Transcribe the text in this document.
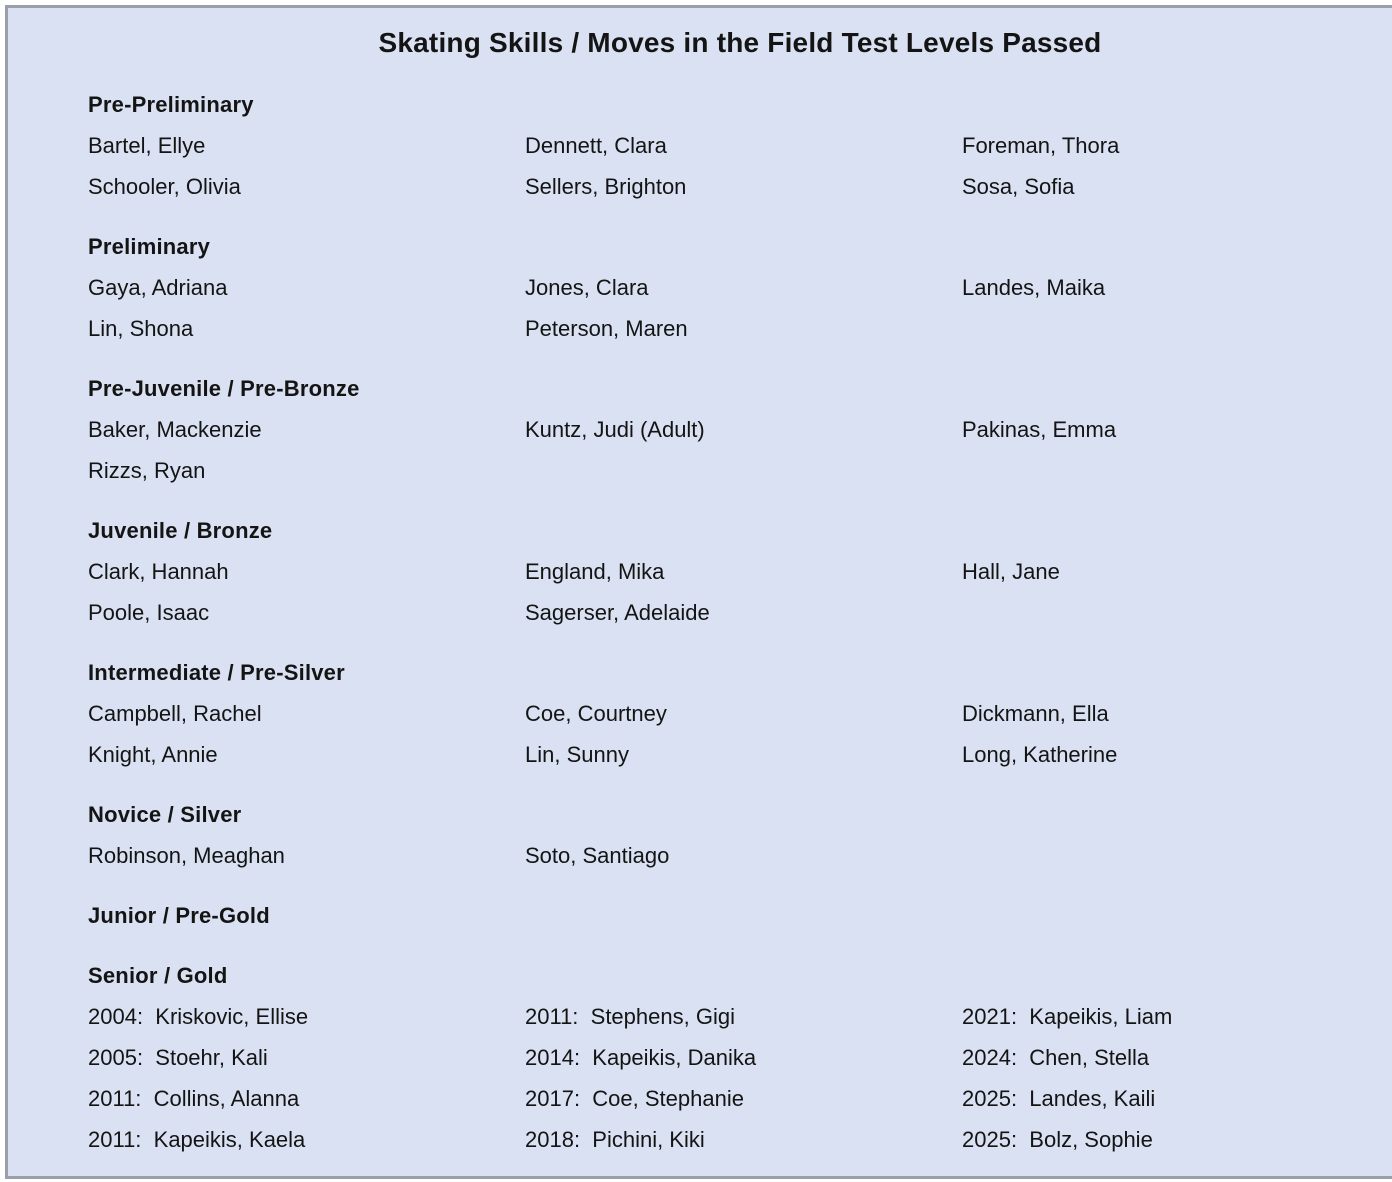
Skating Skills / Moves in the Field Test Levels Passed
Pre-Preliminary
Bartel, Ellye	Dennett, Clara	Foreman, Thora
Schooler, Olivia	Sellers, Brighton	Sosa, Sofia
Preliminary
Gaya, Adriana	Jones, Clara	Landes, Maika
Lin, Shona	Peterson, Maren
Pre-Juvenile / Pre-Bronze
Baker, Mackenzie	Kuntz, Judi (Adult)	Pakinas, Emma
Rizzs, Ryan
Juvenile / Bronze
Clark, Hannah	England, Mika	Hall, Jane
Poole, Isaac	Sagerser, Adelaide
Intermediate / Pre-Silver
Campbell, Rachel	Coe, Courtney	Dickmann, Ella
Knight, Annie	Lin, Sunny	Long, Katherine
Novice / Silver
Robinson, Meaghan	Soto, Santiago
Junior / Pre-Gold
Senior / Gold
2004:  Kriskovic, Ellise	2011:  Stephens, Gigi	2021:  Kapeikis, Liam
2005:  Stoehr, Kali	2014:  Kapeikis, Danika	2024:  Chen, Stella
2011:  Collins, Alanna	2017:  Coe, Stephanie	2025:  Landes, Kaili
2011:  Kapeikis, Kaela	2018:  Pichini, Kiki	2025:  Bolz, Sophie
